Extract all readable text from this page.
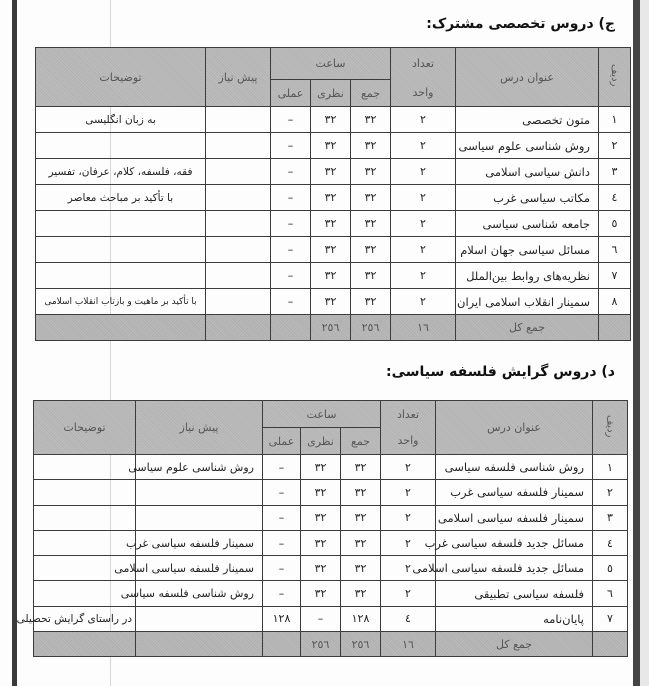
ج) دروس تخصصی مشترک:
ردیف	عنوان درس	تعداد	ساعت			پیش نیاز	توضیحات
		واحد	جمع	نظری	عملی		
۱	متون تخصصی	۲	۳۲	۳۲	–		به زبان انگلیسی
۲	روش شناسی علوم سیاسی	۲	۳۲	۳۲	–		
۳	دانش سیاسی اسلامی	۲	۳۲	۳۲	–		فقه، فلسفه، کلام، عرفان، تفسیر
٤	مکاتب سیاسی غرب	۲	۳۲	۳۲	–		با تأکید بر مباحث معاصر
٥	جامعه شناسی سیاسی	۲	۳۲	۳۲	–		
٦	مسائل سیاسی جهان اسلام	۲	۳۲	۳۲	–		
۷	نظریه‌های روابط بین‌الملل	۲	۳۲	۳۲	–		
۸	سمینار انقلاب اسلامی ایران	۲	۳۲	۳۲	–		با تأکید بر ماهیت و بازتاب انقلاب اسلامی
	جمع کل	١٦	۲٥٦	۲٥٦			
د) دروس گرایش فلسفه سیاسی:
ردیف	عنوان درس	تعداد	ساعت			پیش نیاز	توضیحات
		واحد	جمع	نظری	عملی		
۱	روش شناسی فلسفه سیاسی	۲	۳۲	۳۲	–	روش شناسی علوم سیاسی	
۲	سمینار فلسفه سیاسی غرب	۲	۳۲	۳۲	–		
۳	سمینار فلسفه سیاسی اسلامی	۲	۳۲	۳۲	–		
٤	مسائل جدید فلسفه سیاسی غرب	۲	۳۲	۳۲	–	سمینار فلسفه سیاسی غرب	
٥	مسائل جدید فلسفه سیاسی اسلامی	۲	۳۲	۳۲	–	سمینار فلسفه سیاسی اسلامی	
٦	فلسفه سیاسی تطبیقی	۲	۳۲	۳۲	–	روش شناسی فلسفه سیاسی	
۷	پایان‌نامه	٤	۱۲۸	–	۱۲۸		در راستای گرایش تحصیلی
	جمع کل	١٦	۲٥٦	۲٥٦			
